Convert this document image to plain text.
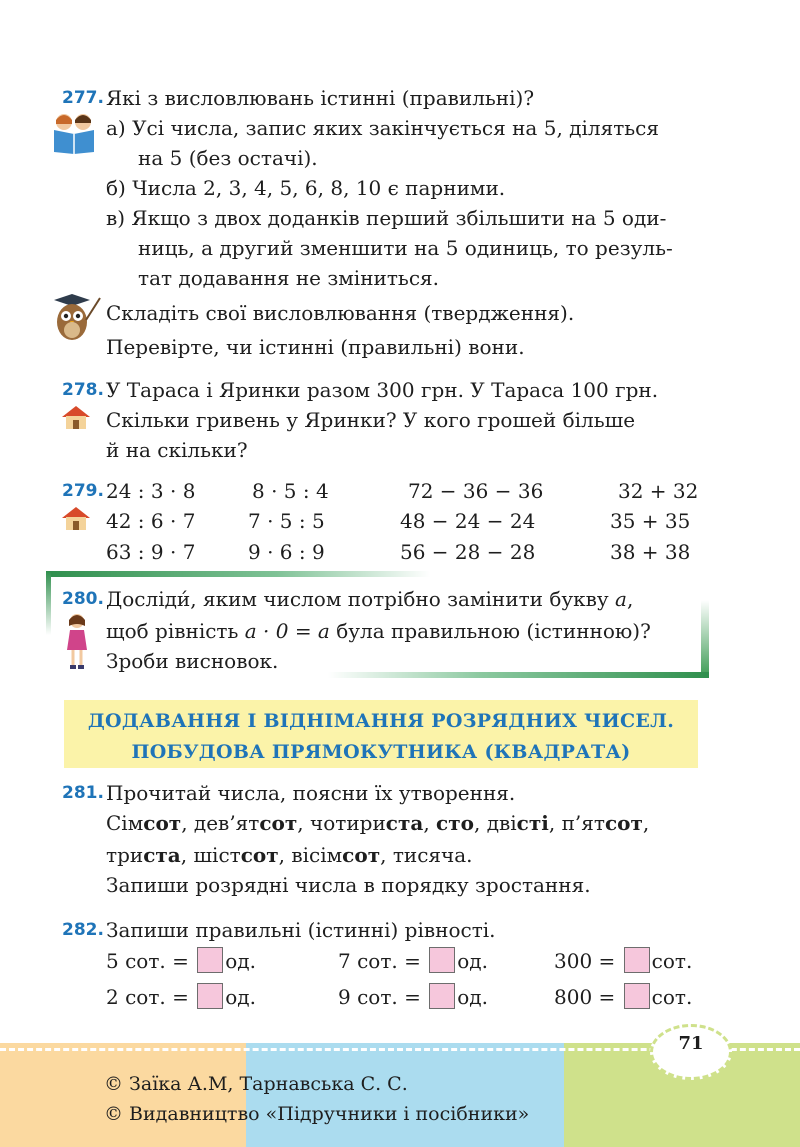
277. Які з висловлювань істинні (правильні)?
а) Усі числа, запис яких закінчується на 5, діляться
на 5 (без остачі).
б) Числа 2, 3, 4, 5, 6, 8, 10 є парними.
в) Якщо з двох доданків перший збільшити на 5 оди-
ниць, а другий зменшити на 5 одиниць, то резуль-
тат додавання не зміниться.
Складіть свої висловлювання (твердження).
Перевірте, чи істинні (правильні) вони.
278. У Тараса і Яринки разом 300 грн. У Тараса 100 грн.
Скільки гривень у Яринки? У кого грошей більше
й на скільки?
279. 24 : 3 · 8	8 · 5 : 4	72 − 36 − 36	32 + 32
42 : 6 · 7	7 · 5 : 5	48 − 24 − 24	35 + 35
63 : 9 · 7	9 · 6 : 9	56 − 28 − 28	38 + 38
280. Досліди́, яким числом потрібно замінити букву a,
щоб рівність a · 0 = a була правильною (істинною)?
Зроби висновок.
ДОДАВАННЯ І ВІДНІМАННЯ РОЗРЯДНИХ ЧИСЕЛ.
ПОБУДОВА ПРЯМОКУТНИКА (КВАДРАТА)
281. Прочитай числа, поясни їх утворення.
Сімсот, дев’ятсот, чотириста, сто, двісті, п’ятсот,
триста, шістсот, вісімсот, тисяча.
Запиши розрядні числа в порядку зростання.
282. Запиши правильні (істинні) рівності.
5 сот. = од.	7 сот. = од.	300 = сот.
2 сот. = од.	9 сот. = од.	800 = сот.
71
© Заїка А.М, Тарнавська С. С.
© Видавництво «Підручники і посібники»
